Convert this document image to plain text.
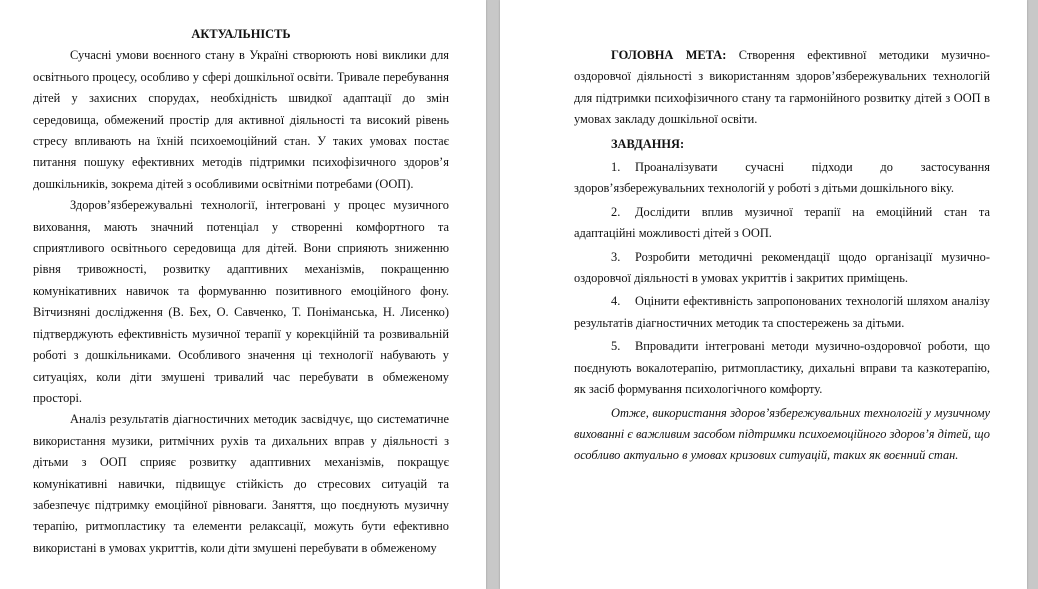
АКТУАЛЬНІСТЬ

Сучасні умови воєнного стану в Україні створюють нові виклики для освітнього процесу, особливо у сфері дошкільної освіти. Тривале перебування дітей у захисних спорудах, необхідність швидкої адаптації до змін середовища, обмежений простір для активної діяльності та високий рівень стресу впливають на їхній психоемоційний стан. У таких умовах постає питання пошуку ефективних методів підтримки психофізичного здоров’я дошкільників, зокрема дітей з особливими освітніми потребами (ООП).

Здоров’язбережувальні технології, інтегровані у процес музичного виховання, мають значний потенціал у створенні комфортного та сприятливого освітнього середовища для дітей. Вони сприяють зниженню рівня тривожності, розвитку адаптивних механізмів, покращенню комунікативних навичок та формуванню позитивного емоційного фону. Вітчизняні дослідження (В. Бех, О. Савченко, Т. Поніманська, Н. Лисенко) підтверджують ефективність музичної терапії у корекційній та розвивальній роботі з дошкільниками. Особливого значення ці технології набувають у ситуаціях, коли діти змушені тривалий час перебувати в обмеженому просторі.

Аналіз результатів діагностичних методик засвідчує, що систематичне використання музики, ритмічних рухів та дихальних вправ у діяльності з дітьми з ООП сприяє розвитку адаптивних механізмів, покращує комунікативні навички, підвищує стійкість до стресових ситуацій та забезпечує підтримку емоційної рівноваги. Заняття, що поєднують музичну терапію, ритмопластику та елементи релаксації, можуть бути ефективно використані в умовах укриттів, коли діти змушені перебувати в обмеженому

ГОЛОВНА МЕТА: Створення ефективної методики музично-оздоровчої діяльності з використанням здоров’язбережувальних технологій для підтримки психофізичного стану та гармонійного розвитку дітей з ООП в умовах закладу дошкільної освіти.

ЗАВДАННЯ:

1. Проаналізувати сучасні підходи до застосування здоров’язбережувальних технологій у роботі з дітьми дошкільного віку.

2. Дослідити вплив музичної терапії на емоційний стан та адаптаційні можливості дітей з ООП.

3. Розробити методичні рекомендації щодо організації музично-оздоровчої діяльності в умовах укриттів і закритих приміщень.

4. Оцінити ефективність запропонованих технологій шляхом аналізу результатів діагностичних методик та спостережень за дітьми.

5. Впровадити інтегровані методи музично-оздоровчої роботи, що поєднують вокалотерапію, ритмопластику, дихальні вправи та казкотерапію, як засіб формування психологічного комфорту.

Отже, використання здоров’язбережувальних технологій у музичному вихованні є важливим засобом підтримки психоемоційного здоров’я дітей, що особливо актуально в умовах кризових ситуацій, таких як воєнний стан.
